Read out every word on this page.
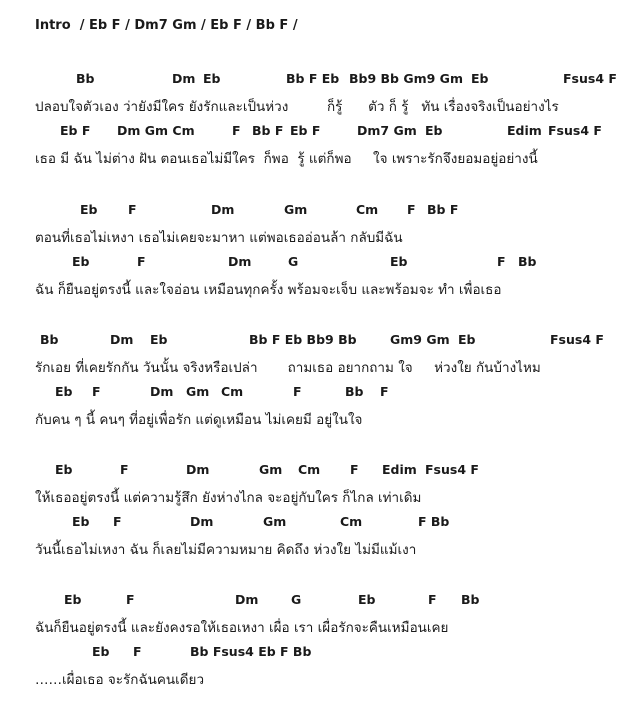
Intro  / Eb F / Dm7 Gm / Eb F / Bb F /
Bb	Dm Eb	Bb F Eb Bb9 Bb Gm9 Gm Eb	Fsus4 F
ปลอบใจตัวเอง ว่ายังมีใคร ยังรักและเป็นห่วง         ก็รู้      ตัว ก็ รู้   ทัน เรื่องจริงเป็นอย่างไร
Eb F Dm Gm Cm	F Bb F Eb F	Dm7 Gm Eb	Edim Fsus4 F
เธอ มี ฉัน ไม่ต่าง ฝัน ตอนเธอไม่มีใคร  ก็พอ  รู้ แต่ก็พอ     ใจ เพราะรักจึงยอมอยู่อย่างนี้
Eb F	Dm	Gm	Cm F Bb F
ตอนที่เธอไม่เหงา เธอไม่เคยจะมาหา แต่พอเธออ่อนล้า กลับมีฉัน
Eb	F	Dm	G	Eb	F Bb
ฉัน ก็ยืนอยู่ตรงนี้ และใจอ่อน เหมือนทุกครั้ง พร้อมจะเจ็บ และพร้อมจะ ทำ เพื่อเธอ
Bb	Dm Eb	Bb F Eb Bb9 Bb	Gm9 Gm Eb	Fsus4 F
รักเอย ที่เคยรักกัน วันนั้น จริงหรือเปล่า       ถามเธอ อยากถาม ใจ     ห่วงใย กันบ้างไหม
Eb F	Dm Gm Cm	F	Bb F
กับคน ๆ นี้ คนๆ ที่อยู่เพื่อรัก แต่ดูเหมือน ไม่เคยมี อยู่ในใจ
Eb	F	Dm	Gm Cm F Edim Fsus4 F
ให้เธออยู่ตรงนี้ แต่ความรู้สึก ยังห่างไกล จะอยู่กับใคร ก็ไกล เท่าเดิม
Eb F	Dm	Gm	Cm	F Bb
วันนี้เธอไม่เหงา ฉัน ก็เลยไม่มีความหมาย คิดถึง ห่วงใย ไม่มีแม้เงา
Eb	F	Dm	G	Eb	F Bb
ฉันก็ยืนอยู่ตรงนี้ และยังคงรอให้เธอเหงา เผื่อ เรา เผื่อรักจะคืนเหมือนเคย
Eb F	Bb Fsus4 Eb F Bb
……เผื่อเธอ จะรักฉันคนเดียว
